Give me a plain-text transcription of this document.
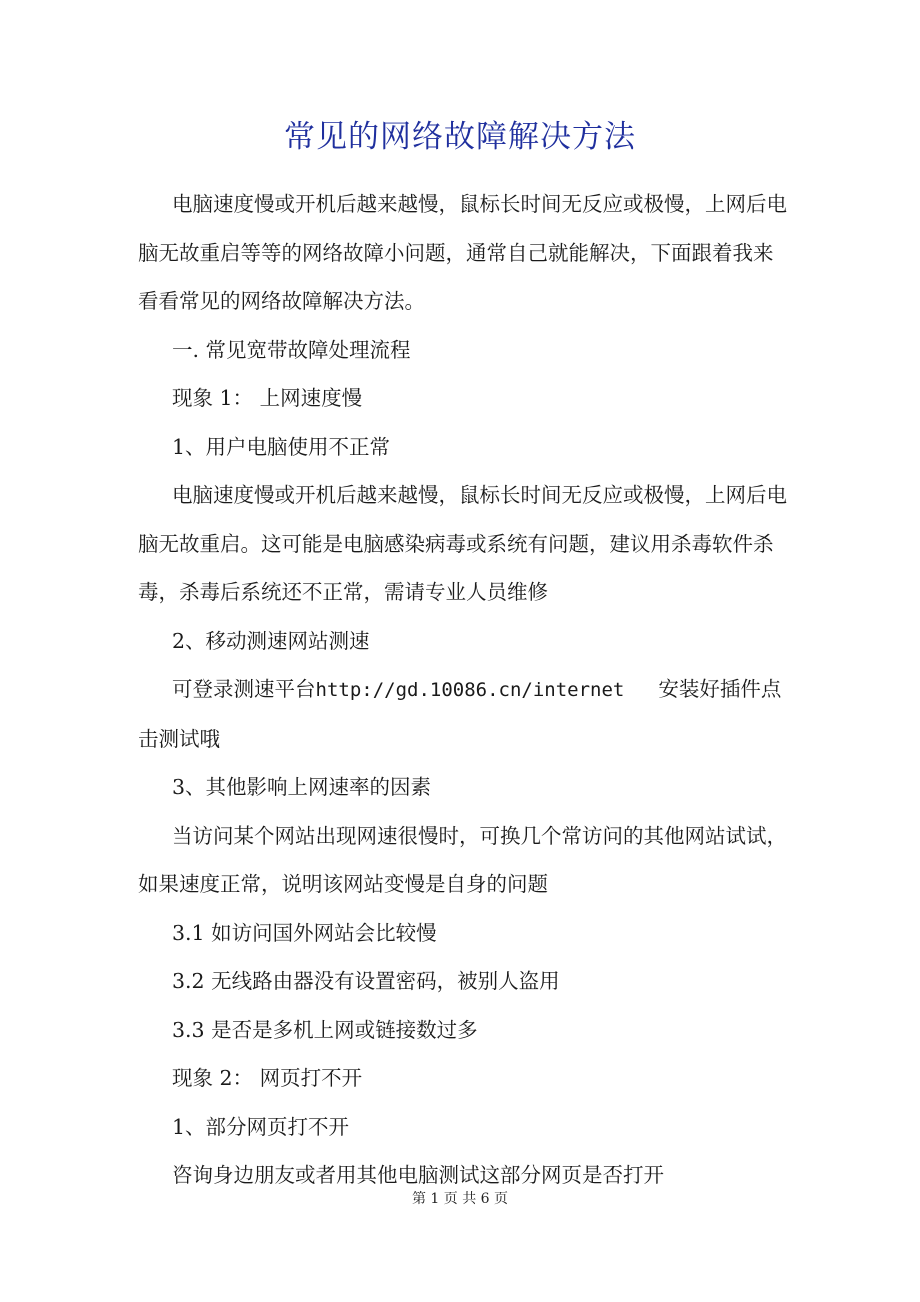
常见的网络故障解决方法

电脑速度慢或开机后越来越慢，鼠标长时间无反应或极慢，上网后电脑无故重启等等的网络故障小问题，通常自己就能解决，下面跟着我来看看常见的网络故障解决方法。

一. 常见宽带故障处理流程

现象 1： 上网速度慢

1、用户电脑使用不正常

电脑速度慢或开机后越来越慢，鼠标长时间无反应或极慢，上网后电脑无故重启。这可能是电脑感染病毒或系统有问题，建议用杀毒软件杀毒，杀毒后系统还不正常，需请专业人员维修

2、移动测速网站测速

可登录测速平台http://gd.10086.cn/internet 安装好插件点击测试哦

3、其他影响上网速率的因素

当访问某个网站出现网速很慢时，可换几个常访问的其他网站试试，如果速度正常，说明该网站变慢是自身的问题

3.1 如访问国外网站会比较慢

3.2 无线路由器没有设置密码，被别人盗用

3.3 是否是多机上网或链接数过多

现象 2： 网页打不开

1、部分网页打不开

咨询身边朋友或者用其他电脑测试这部分网页是否打开

第 1 页 共 6 页
